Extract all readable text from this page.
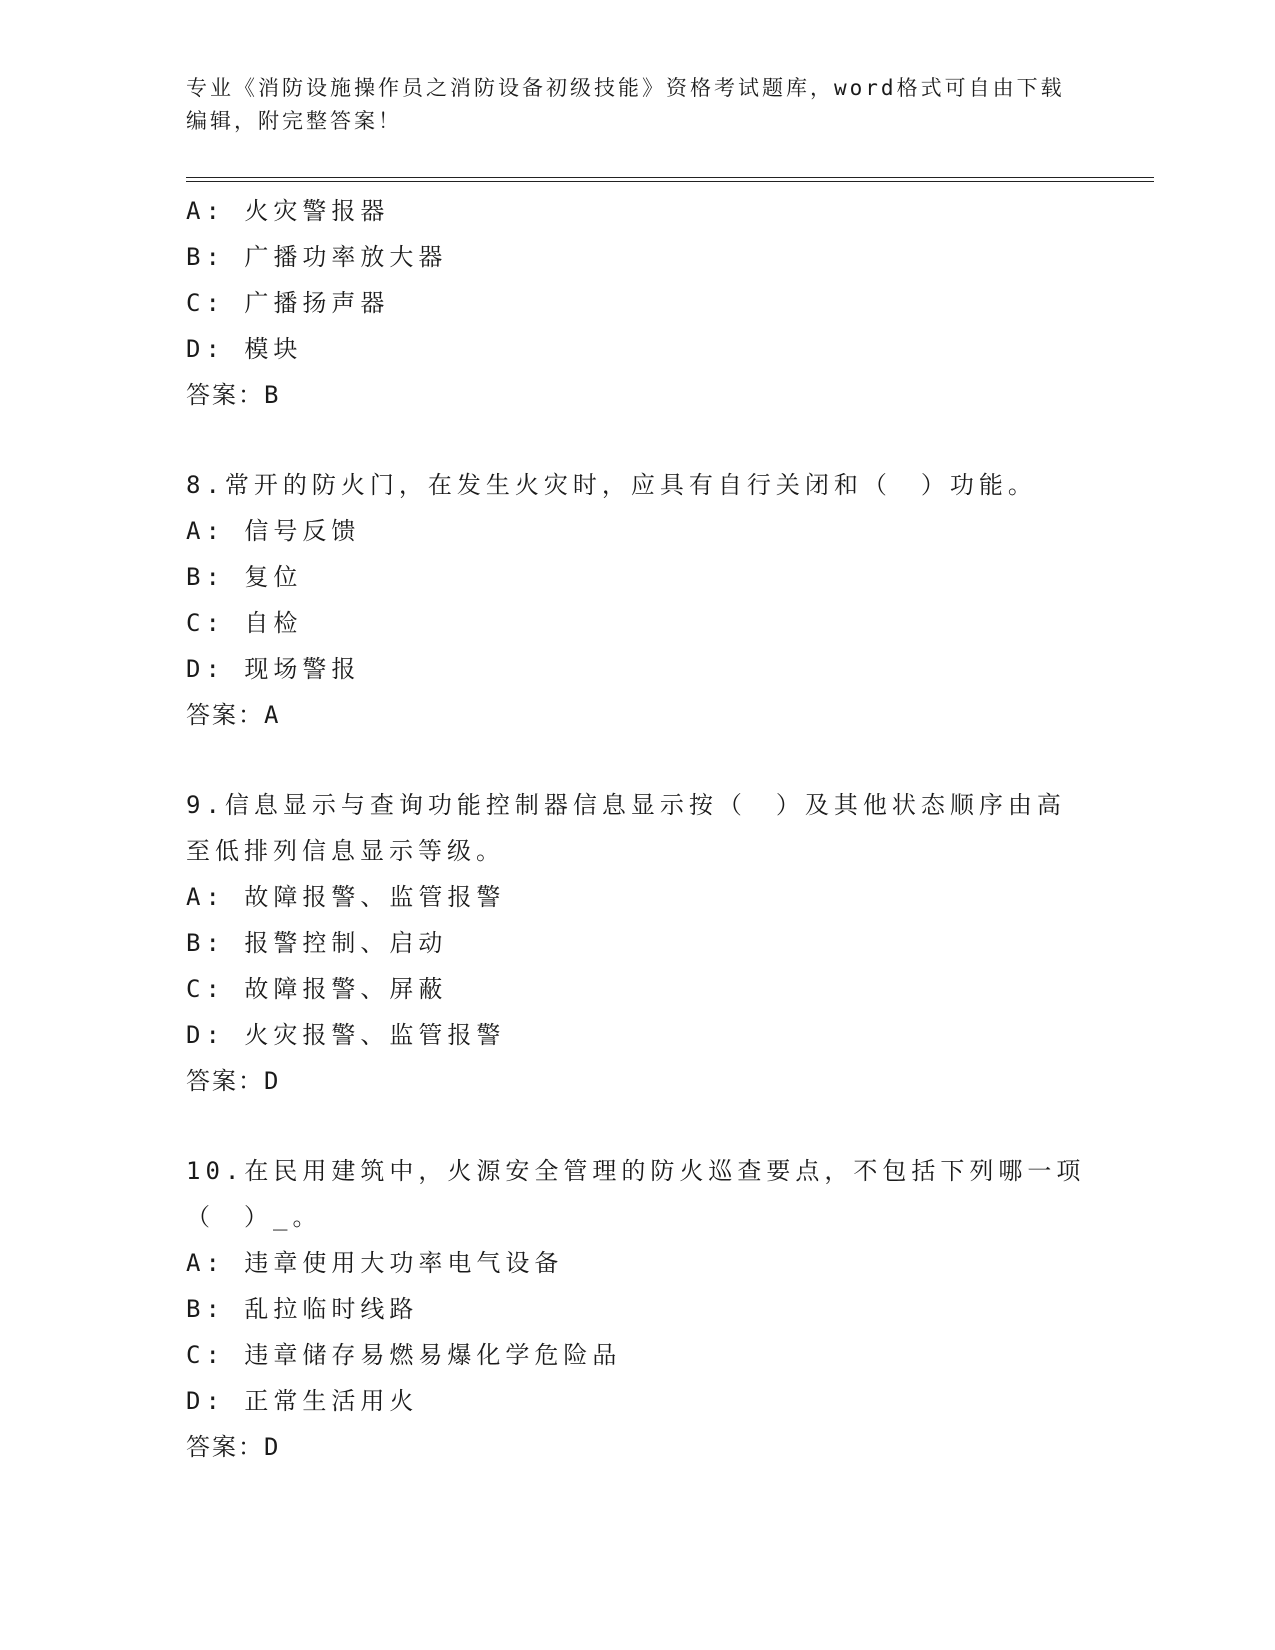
专业《消防设施操作员之消防设备初级技能》资格考试题库，word格式可自由下载编辑，附完整答案！
A: 火灾警报器
B: 广播功率放大器
C: 广播扬声器
D: 模块
答案：B
8.常开的防火门，在发生火灾时，应具有自行关闭和（　）功能。
A: 信号反馈
B: 复位
C: 自检
D: 现场警报
答案：A
9.信息显示与查询功能控制器信息显示按（　）及其他状态顺序由高
至低排列信息显示等级。
A: 故障报警、监管报警
B: 报警控制、启动
C: 故障报警、屏蔽
D: 火灾报警、监管报警
答案：D
10.在民用建筑中，火源安全管理的防火巡查要点，不包括下列哪一项
（　）_。
A: 违章使用大功率电气设备
B: 乱拉临时线路
C: 违章储存易燃易爆化学危险品
D: 正常生活用火
答案：D
